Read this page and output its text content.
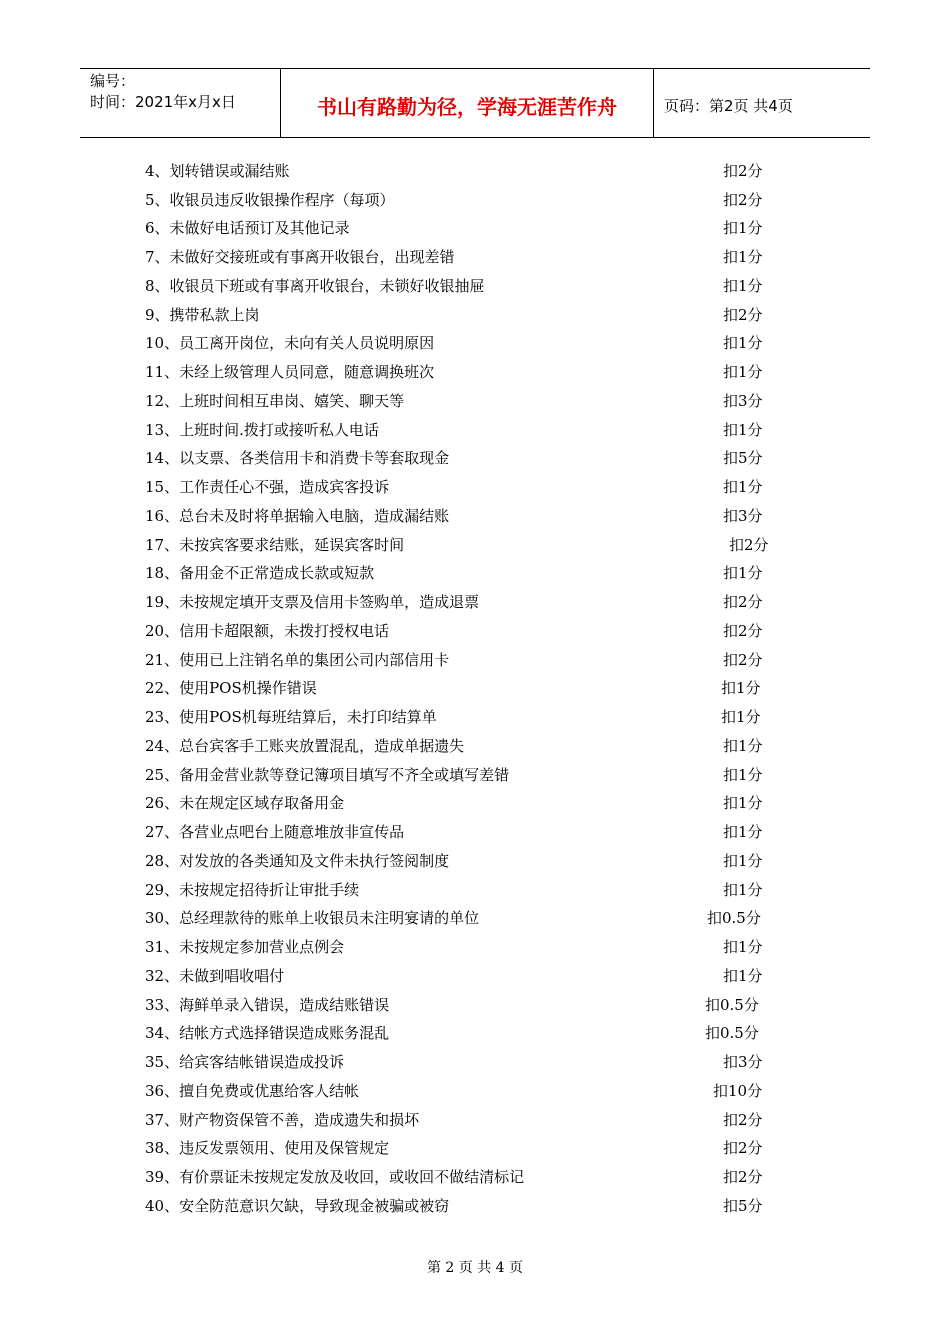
编号：
时间：2021年x月x日	书山有路勤为径，学海无涯苦作舟	页码：第2页 共4页
4、划转错误或漏结账	扣2分
5、收银员违反收银操作程序（每项）	扣2分
6、未做好电话预订及其他记录	扣1分
7、未做好交接班或有事离开收银台，出现差错	扣1分
8、收银员下班或有事离开收银台，未锁好收银抽屉	扣1分
9、携带私款上岗	扣2分
10、员工离开岗位，未向有关人员说明原因	扣1分
11、未经上级管理人员同意，随意调换班次	扣1分
12、上班时间相互串岗、嬉笑、聊天等	扣3分
13、上班时间.拨打或接听私人电话	扣1分
14、以支票、各类信用卡和消费卡等套取现金	扣5分
15、工作责任心不强，造成宾客投诉	扣1分
16、总台未及时将单据输入电脑，造成漏结账	扣3分
17、未按宾客要求结账，延误宾客时间	扣2分
18、备用金不正常造成长款或短款	扣1分
19、未按规定填开支票及信用卡签购单，造成退票	扣2分
20、信用卡超限额，未拨打授权电话	扣2分
21、使用已上注销名单的集团公司内部信用卡	扣2分
22、使用POS机操作错误	扣1分
23、使用POS机每班结算后，未打印结算单	扣1分
24、总台宾客手工账夹放置混乱，造成单据遗失	扣1分
25、备用金营业款等登记簿项目填写不齐全或填写差错	扣1分
26、未在规定区域存取备用金	扣1分
27、各营业点吧台上随意堆放非宣传品	扣1分
28、对发放的各类通知及文件未执行签阅制度	扣1分
29、未按规定招待折让审批手续	扣1分
30、总经理款待的账单上收银员未注明宴请的单位	扣0.5分
31、未按规定参加营业点例会	扣1分
32、未做到唱收唱付	扣1分
33、海鲜单录入错误，造成结账错误	扣0.5分
34、结帐方式选择错误造成账务混乱	扣0.5分
35、给宾客结帐错误造成投诉	扣3分
36、擅自免费或优惠给客人结帐	扣10分
37、财产物资保管不善，造成遗失和损坏	扣2分
38、违反发票领用、使用及保管规定	扣2分
39、有价票证未按规定发放及收回，或收回不做结清标记	扣2分
40、安全防范意识欠缺，导致现金被骗或被窃	扣5分
第 2 页 共 4 页
